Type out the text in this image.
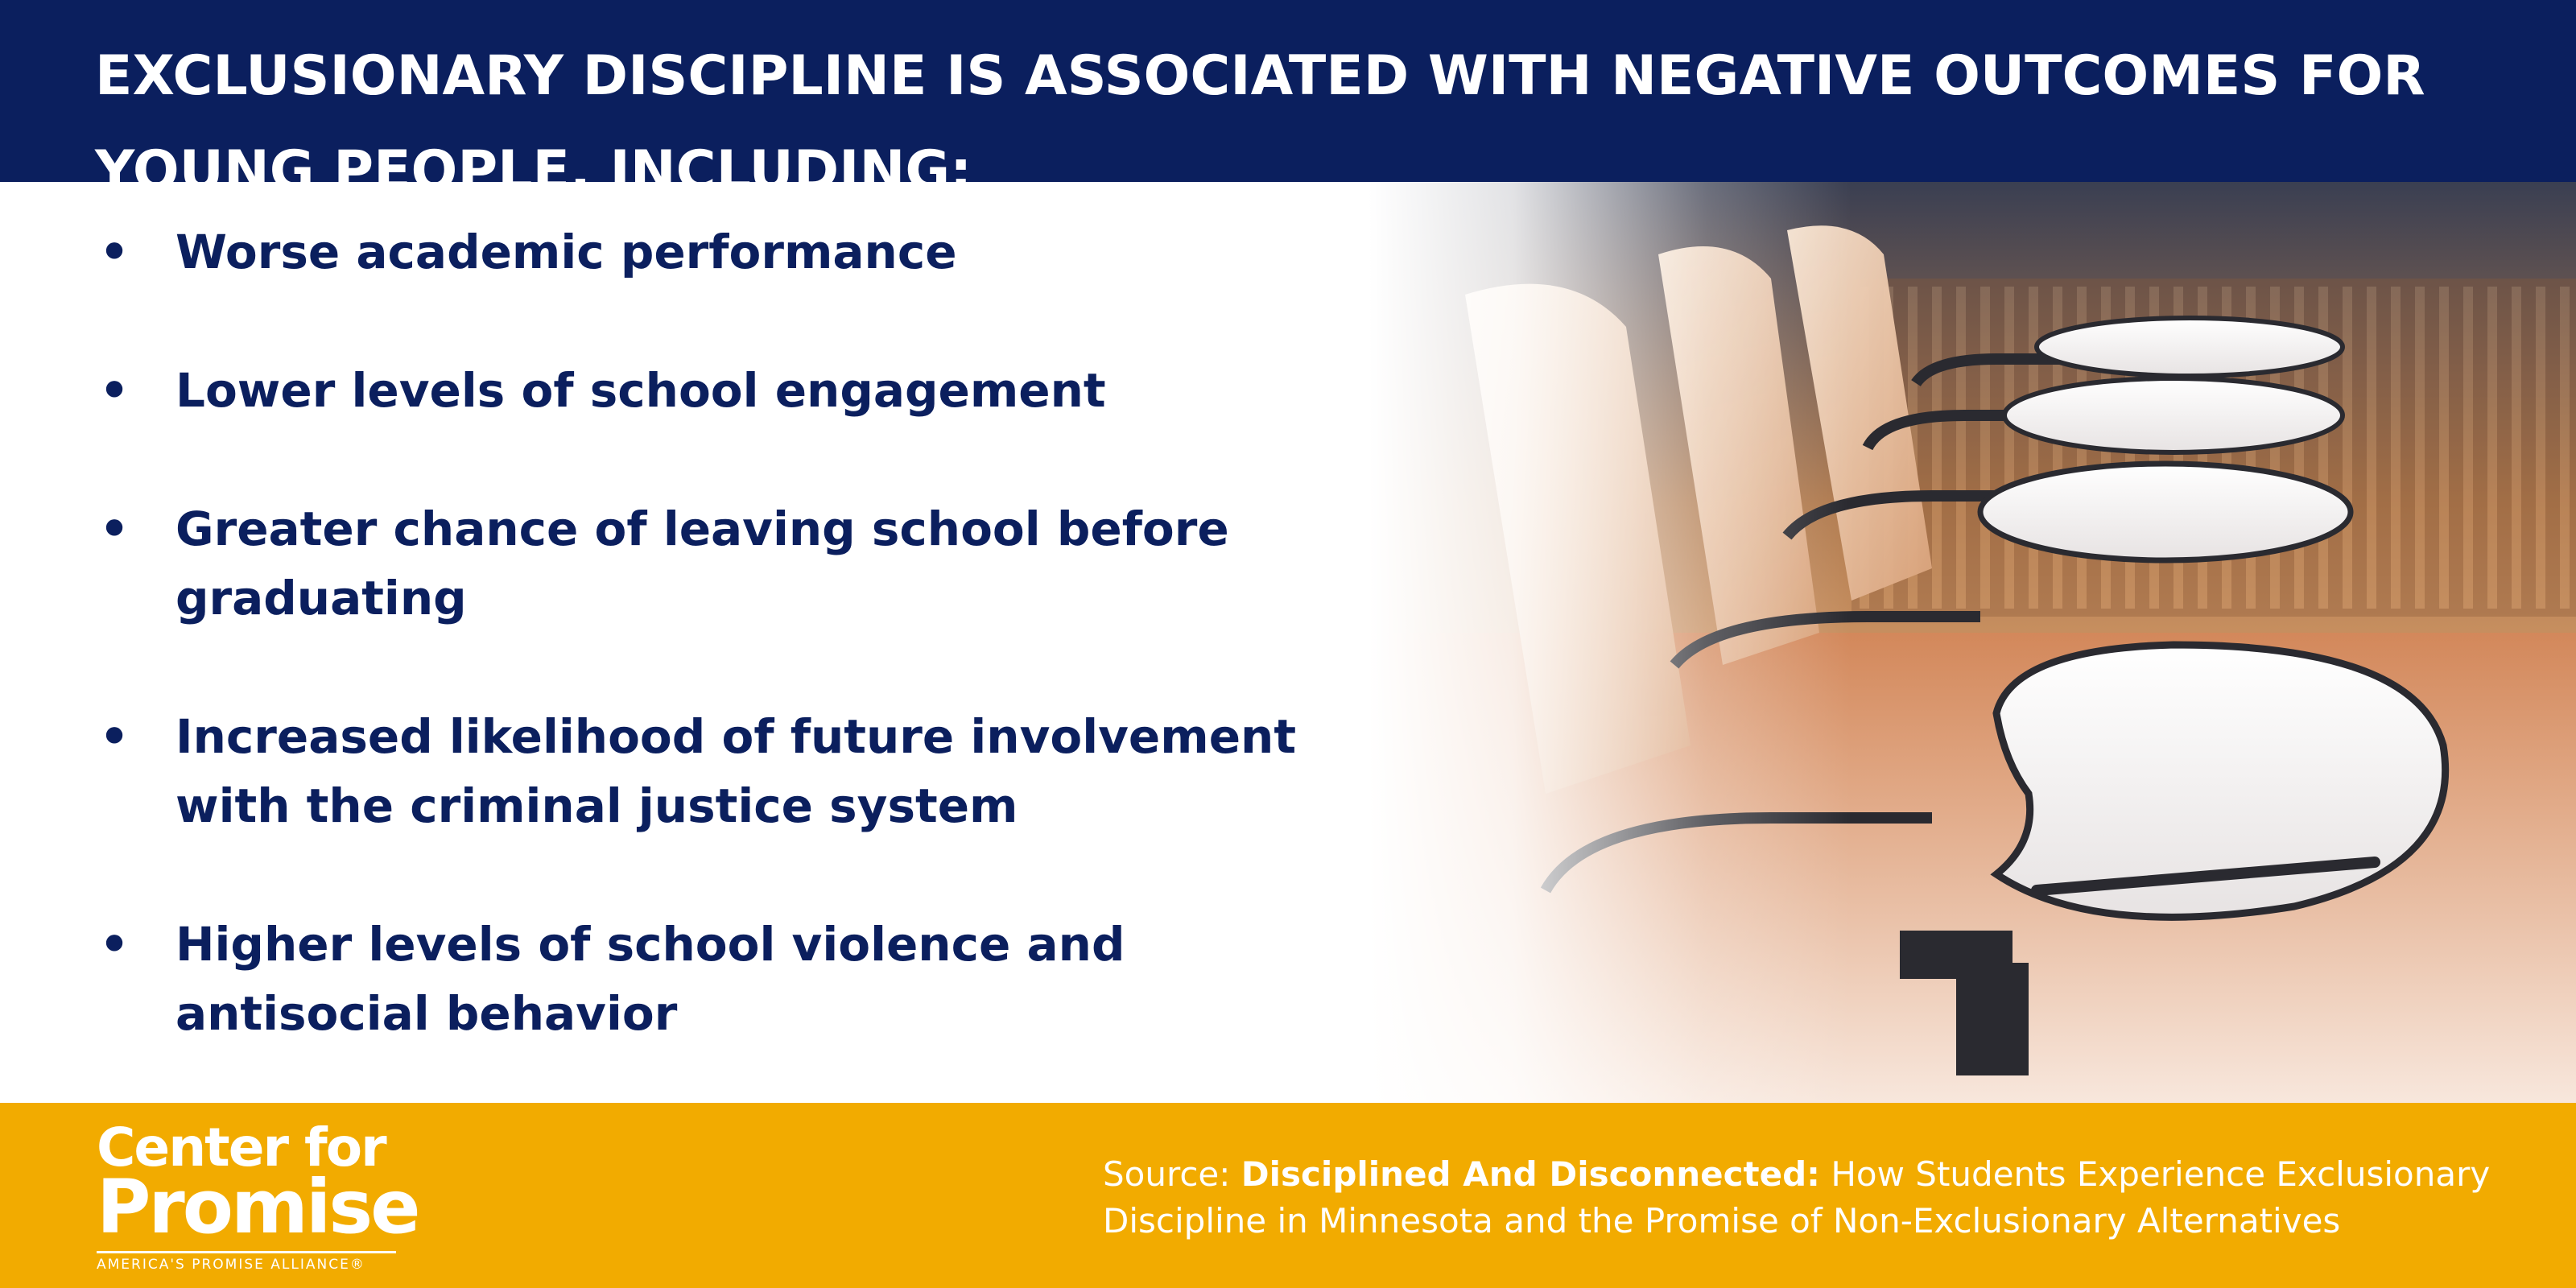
EXCLUSIONARY DISCIPLINE IS ASSOCIATED WITH NEGATIVE OUTCOMES FOR YOUNG PEOPLE, INCLUDING:
• Worse academic performance
• Lower levels of school engagement
• Greater chance of leaving school before graduating
• Increased likelihood of future involvement with the criminal justice system
• Higher levels of school violence and antisocial behavior
Center for
Promise
AMERICA'S PROMISE ALLIANCE®

Source: Disciplined And Disconnected: How Students Experience Exclusionary Discipline in Minnesota and the Promise of Non-Exclusionary Alternatives
